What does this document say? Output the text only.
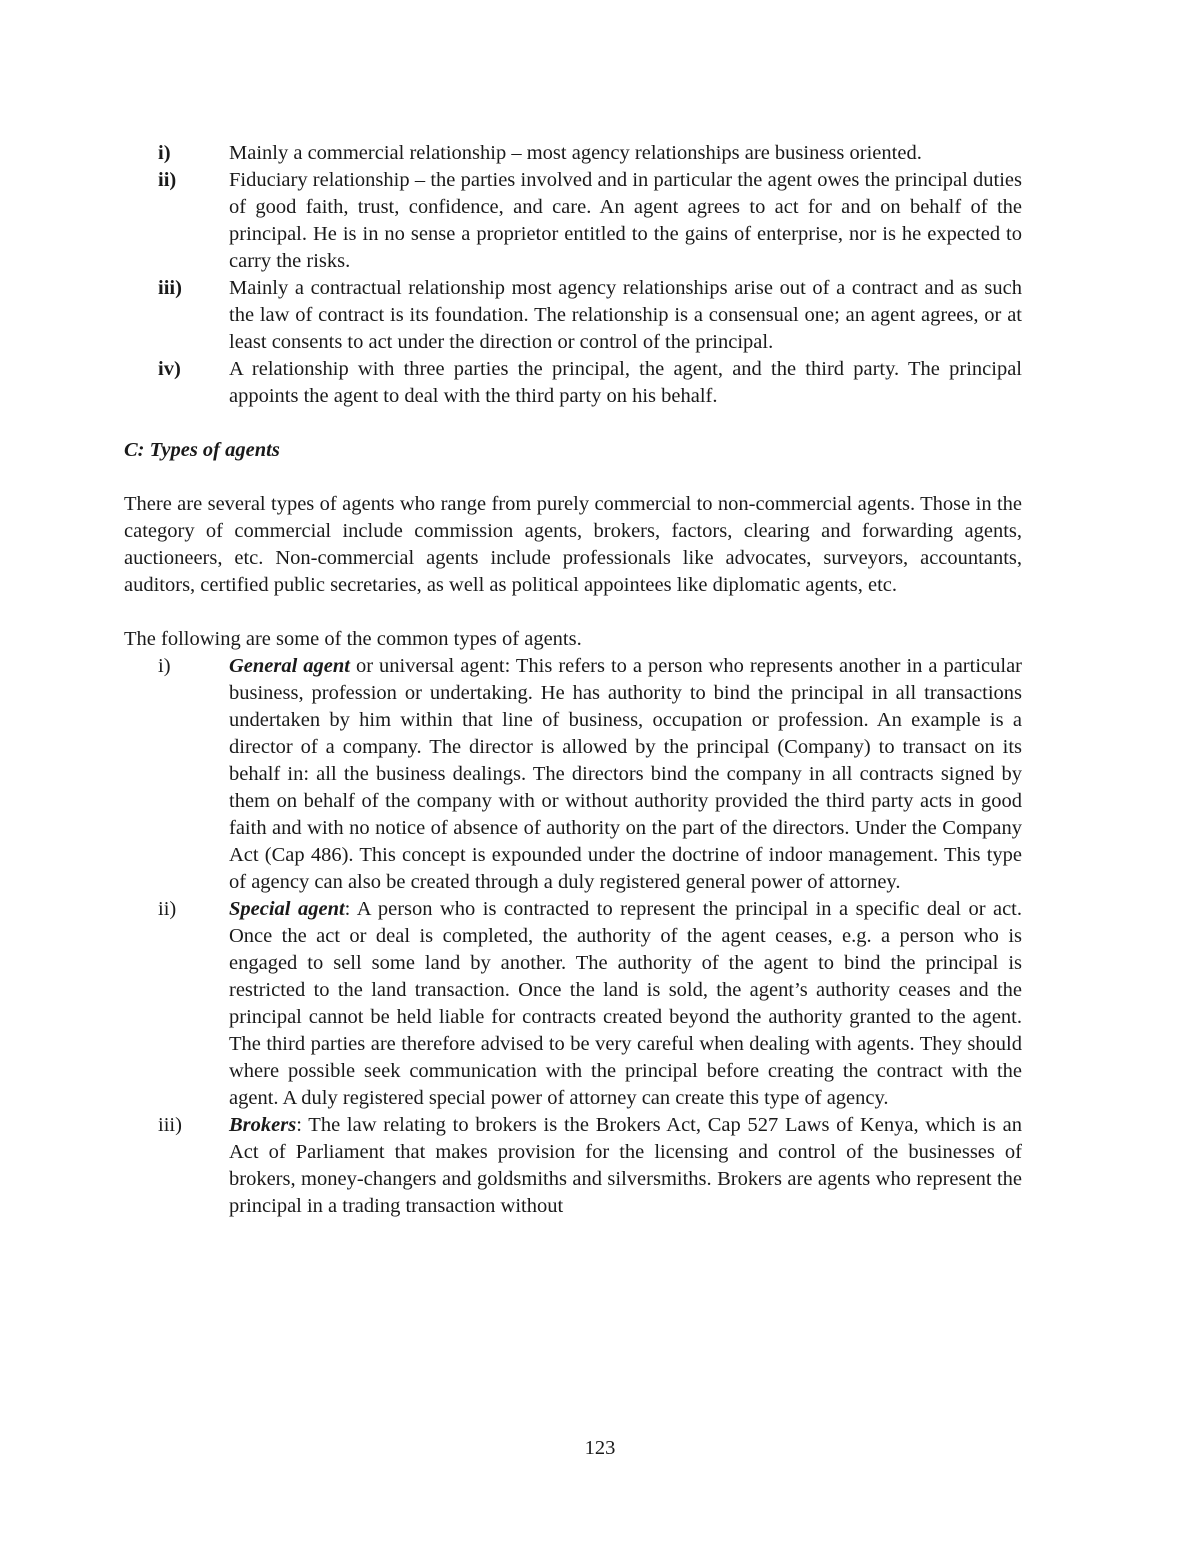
i)	Mainly a commercial relationship – most agency relationships are business oriented.
ii)	Fiduciary relationship – the parties involved and in particular the agent owes the principal duties of good faith, trust, confidence, and care. An agent agrees to act for and on behalf of the principal. He is in no sense a proprietor entitled to the gains of enterprise, nor is he expected to carry the risks.
iii)	Mainly a contractual relationship most agency relationships arise out of a contract and as such the law of contract is its foundation. The relationship is a consensual one; an agent agrees, or at least consents to act under the direction or control of the principal.
iv)	A relationship with three parties the principal, the agent, and the third party. The principal appoints the agent to deal with the third party on his behalf.
C: Types of agents

There are several types of agents who range from purely commercial to non-commercial agents. Those in the category of commercial include commission agents, brokers, factors, clearing and forwarding agents, auctioneers, etc. Non-commercial agents include professionals like advocates, surveyors, accountants, auditors, certified public secretaries, as well as political appointees like diplomatic agents, etc.

The following are some of the common types of agents.

i)	General agent or universal agent: This refers to a person who represents another in a particular business, profession or undertaking. He has authority to bind the principal in all transactions undertaken by him within that line of business, occupation or profession. An example is a director of a company. The director is allowed by the principal (Company) to transact on its behalf in: all the business dealings. The directors bind the company in all contracts signed by them on behalf of the company with or without authority provided the third party acts in good faith and with no notice of absence of authority on the part of the directors. Under the Company Act (Cap 486). This concept is expounded under the doctrine of indoor management. This type of agency can also be created through a duly registered general power of attorney.
ii)	Special agent: A person who is contracted to represent the principal in a specific deal or act. Once the act or deal is completed, the authority of the agent ceases, e.g. a person who is engaged to sell some land by another. The authority of the agent to bind the principal is restricted to the land transaction. Once the land is sold, the agent’s authority ceases and the principal cannot be held liable for contracts created beyond the authority granted to the agent. The third parties are therefore advised to be very careful when dealing with agents. They should where possible seek communication with the principal before creating the contract with the agent. A duly registered special power of attorney can create this type of agency.
iii)	Brokers: The law relating to brokers is the Brokers Act, Cap 527 Laws of Kenya, which is an Act of Parliament that makes provision for the licensing and control of the businesses of brokers, money-changers and goldsmiths and silversmiths. Brokers are agents who represent the principal in a trading transaction without
123
